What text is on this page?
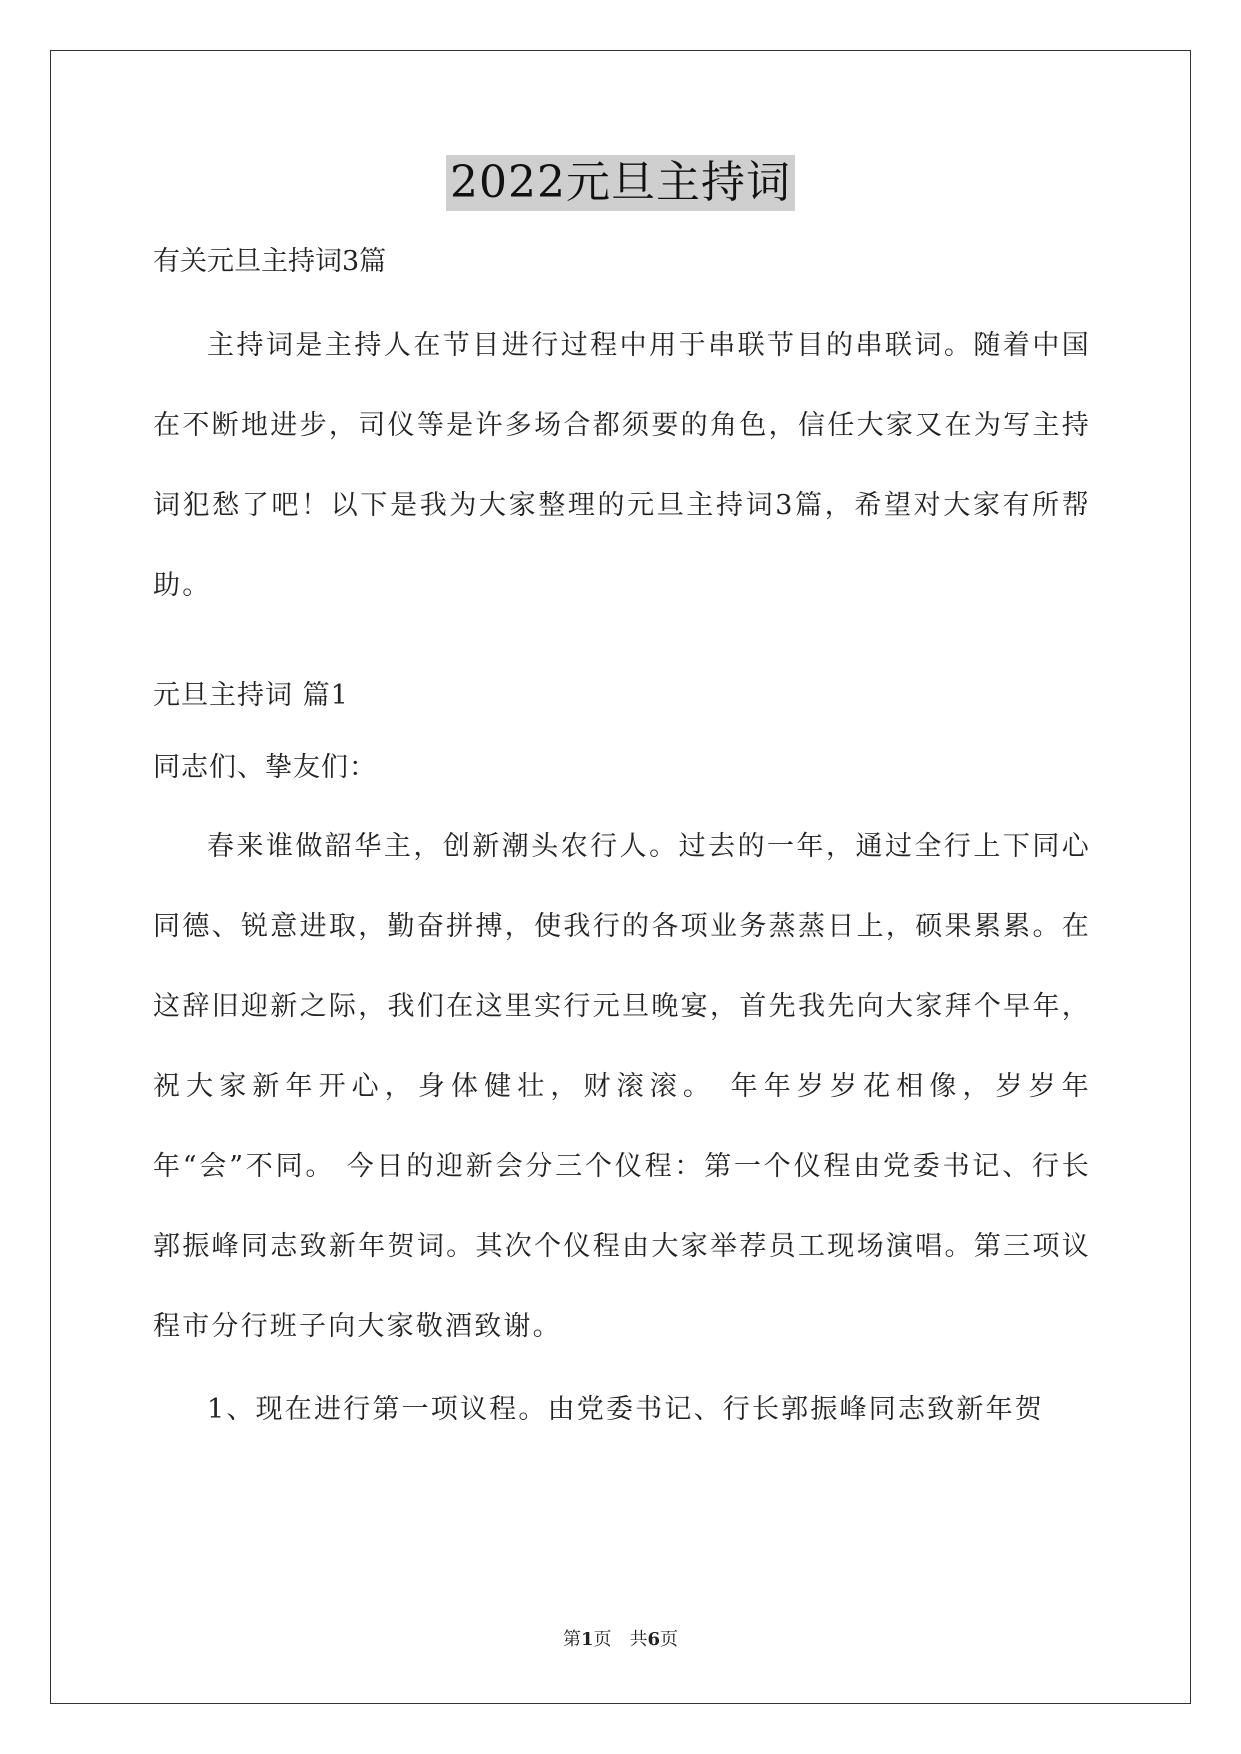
2022元旦主持词
有关元旦主持词3篇

主持词是主持人在节目进行过程中用于串联节目的串联词。随着中国在不断地进步，司仪等是许多场合都须要的角色，信任大家又在为写主持词犯愁了吧！以下是我为大家整理的元旦主持词3篇，希望对大家有所帮助。

元旦主持词 篇1
同志们、挚友们：

春来谁做韶华主，创新潮头农行人。过去的一年，通过全行上下同心同德、锐意进取，勤奋拼搏，使我行的各项业务蒸蒸日上，硕果累累。在这辞旧迎新之际，我们在这里实行元旦晚宴，首先我先向大家拜个早年，祝大家新年开心，身体健壮，财滚滚。 年年岁岁花相像，岁岁年年“会”不同。 今日的迎新会分三个仪程：第一个仪程由党委书记、行长郭振峰同志致新年贺词。其次个仪程由大家举荐员工现场演唱。第三项议程市分行班子向大家敬酒致谢。

1、现在进行第一项议程。由党委书记、行长郭振峰同志致新年贺

第1页　共6页
